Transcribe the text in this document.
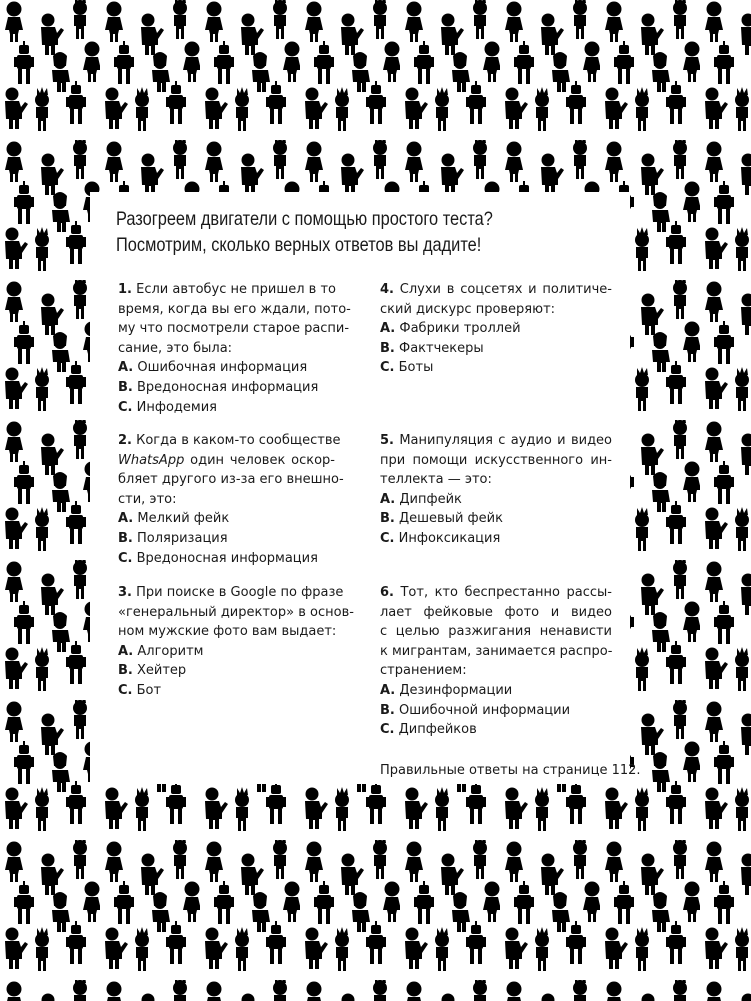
Разогреем двигатели с помощью простого теста?
Посмотрим, сколько верных ответов вы дадите!
1. Если автобус не пришел в то
время, когда вы его ждали, пото-
му что посмотрели старое распи-
сание, это была:
A. Ошибочная информация
B. Вредоносная информация
C. Инфодемия
2. Когда в каком-то сообществе
WhatsApp один человек оскор-
бляет другого из-за его внешно-
сти, это:
A. Мелкий фейк
B. Поляризация
C. Вредоносная информация
3. При поиске в Google по фразе
«генеральный директор» в основ-
ном мужские фото вам выдает:
A. Алгоритм
B. Хейтер
C. Бот
4. Слухи в соцсетях и политиче-
ский дискурс проверяют:
A. Фабрики троллей
B. Фактчекеры
C. Боты
5. Манипуляция с аудио и видео
при помощи искусственного ин-
теллекта — это:
A. Дипфейк
B. Дешевый фейк
C. Инфоксикация
6. Тот, кто беспрестанно рассы-
лает фейковые фото и видео
с целью разжигания ненависти
к мигрантам, занимается распро-
странением:
A. Дезинформации
B. Ошибочной информации
C. Дипфейков
Правильные ответы на странице 112.
